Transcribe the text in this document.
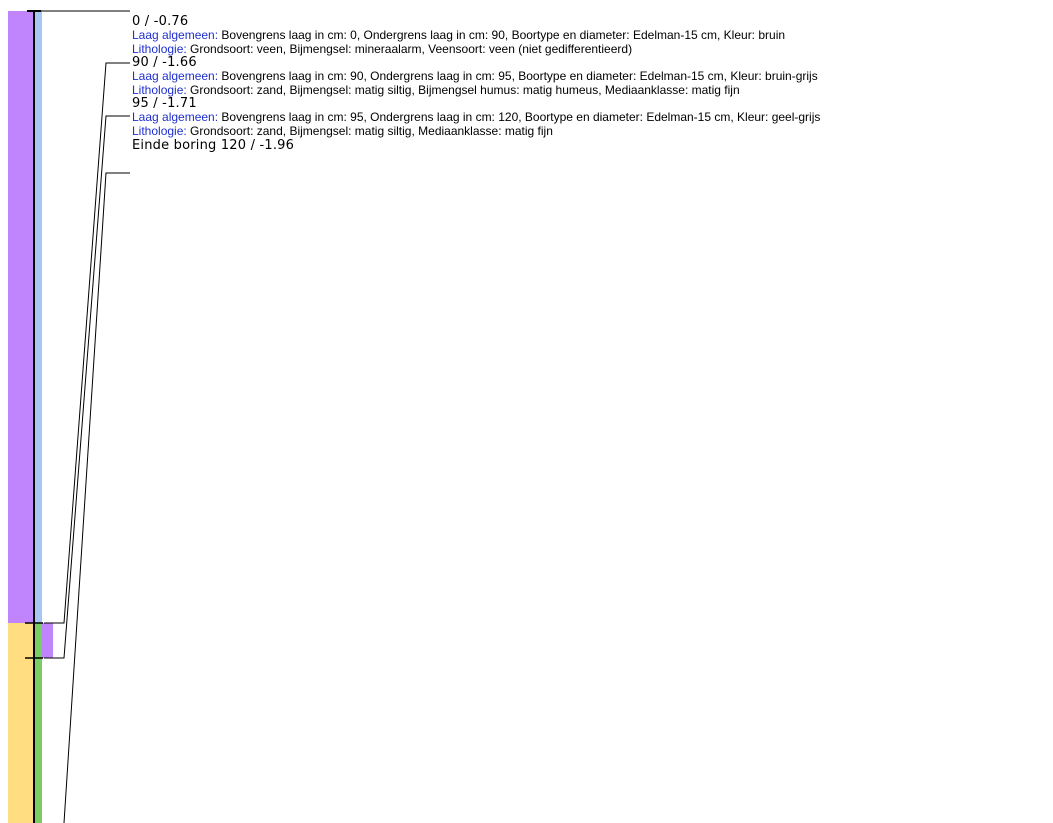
0 / -0.76
Laag algemeen: Bovengrens laag in cm: 0, Ondergrens laag in cm: 90, Boortype en diameter: Edelman-15 cm, Kleur: bruin
Lithologie: Grondsoort: veen, Bijmengsel: mineraalarm, Veensoort: veen (niet gedifferentieerd)
90 / -1.66
Laag algemeen: Bovengrens laag in cm: 90, Ondergrens laag in cm: 95, Boortype en diameter: Edelman-15 cm, Kleur: bruin-grijs
Lithologie: Grondsoort: zand, Bijmengsel: matig siltig, Bijmengsel humus: matig humeus, Mediaanklasse: matig fijn
95 / -1.71
Laag algemeen: Bovengrens laag in cm: 95, Ondergrens laag in cm: 120, Boortype en diameter: Edelman-15 cm, Kleur: geel-grijs
Lithologie: Grondsoort: zand, Bijmengsel: matig siltig, Mediaanklasse: matig fijn
Einde boring 120 / -1.96
